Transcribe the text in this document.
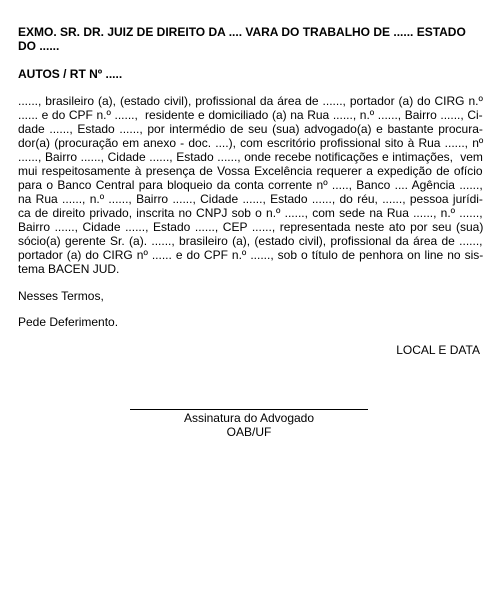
EXMO. SR. DR. JUIZ DE DIREITO DA .... VARA DO TRABALHO DE ...... ESTADO
DO ......
AUTOS / RT Nº .....
......, brasileiro (a), (estado civil), profissional da área de ......, portador (a) do CIRG n.º
...... e do CPF n.º ......,  residente e domiciliado (a) na Rua ......, n.º ......, Bairro ......, Ci-
dade ......, Estado ......, por intermédio de seu (sua) advogado(a) e bastante procura-
dor(a) (procuração em anexo - doc. ....), com escritório profissional sito à Rua ......, nº
......, Bairro ......, Cidade ......, Estado ......, onde recebe notificações e intimações,  vem
mui respeitosamente à presença de Vossa Excelência requerer a expedição de ofício
para o Banco Central para bloqueio da conta corrente nº ....., Banco .... Agência ......,
na Rua ......, n.º ......, Bairro ......, Cidade ......, Estado ......, do réu, ......, pessoa jurídi-
ca de direito privado, inscrita no CNPJ sob o n.º ......, com sede na Rua ......, n.º ......,
Bairro ......, Cidade ......, Estado ......, CEP ......, representada neste ato por seu (sua)
sócio(a) gerente Sr. (a). ......, brasileiro (a), (estado civil), profissional da área de ......,
portador (a) do CIRG nº ...... e do CPF n.º ......, sob o título de penhora on line no sis-
tema BACEN JUD.
Nesses Termos,
Pede Deferimento.
LOCAL E DATA
Assinatura do Advogado
OAB/UF
